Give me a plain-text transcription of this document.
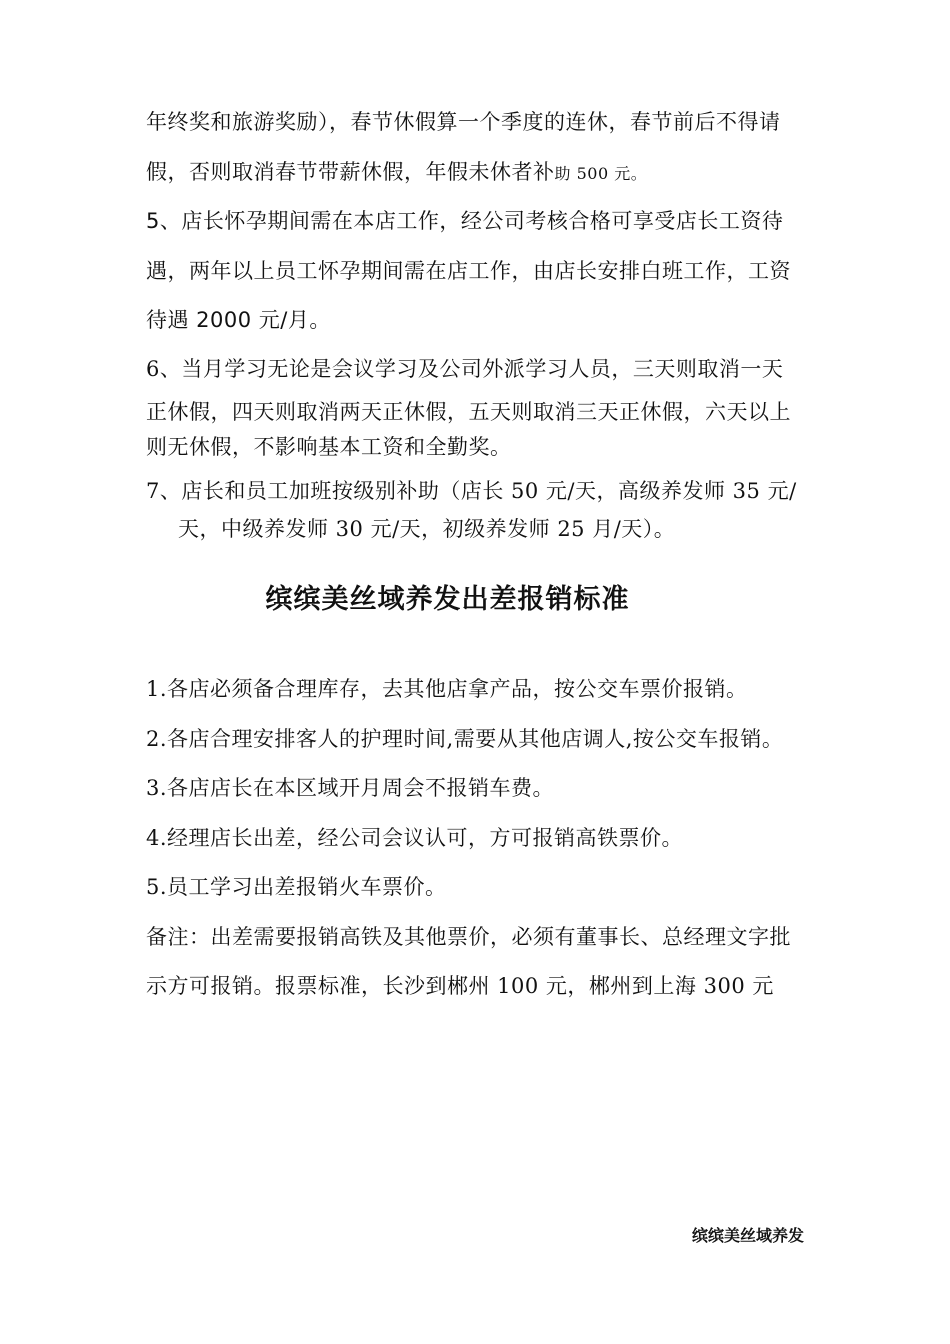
年终奖和旅游奖励），春节休假算一个季度的连休，春节前后不得请
假，否则取消春节带薪休假，年假未休者补助 500 元。
5、店长怀孕期间需在本店工作，经公司考核合格可享受店长工资待
遇，两年以上员工怀孕期间需在店工作，由店长安排白班工作，工资
待遇 2000 元/月。
6、当月学习无论是会议学习及公司外派学习人员，三天则取消一天
正休假，四天则取消两天正休假，五天则取消三天正休假，六天以上
则无休假，不影响基本工资和全勤奖。
7、店长和员工加班按级别补助（店长 50 元/天，高级养发师 35 元/
天，中级养发师 30 元/天，初级养发师 25 月/天）。
缤缤美丝域养发出差报销标准
1.各店必须备合理库存，去其他店拿产品，按公交车票价报销。
2.各店合理安排客人的护理时间,需要从其他店调人,按公交车报销。
3.各店店长在本区域开月周会不报销车费。
4.经理店长出差，经公司会议认可，方可报销高铁票价。
5.员工学习出差报销火车票价。
备注：出差需要报销高铁及其他票价，必须有董事长、总经理文字批
示方可报销。报票标准，长沙到郴州 100 元，郴州到上海 300 元
缤缤美丝域养发
